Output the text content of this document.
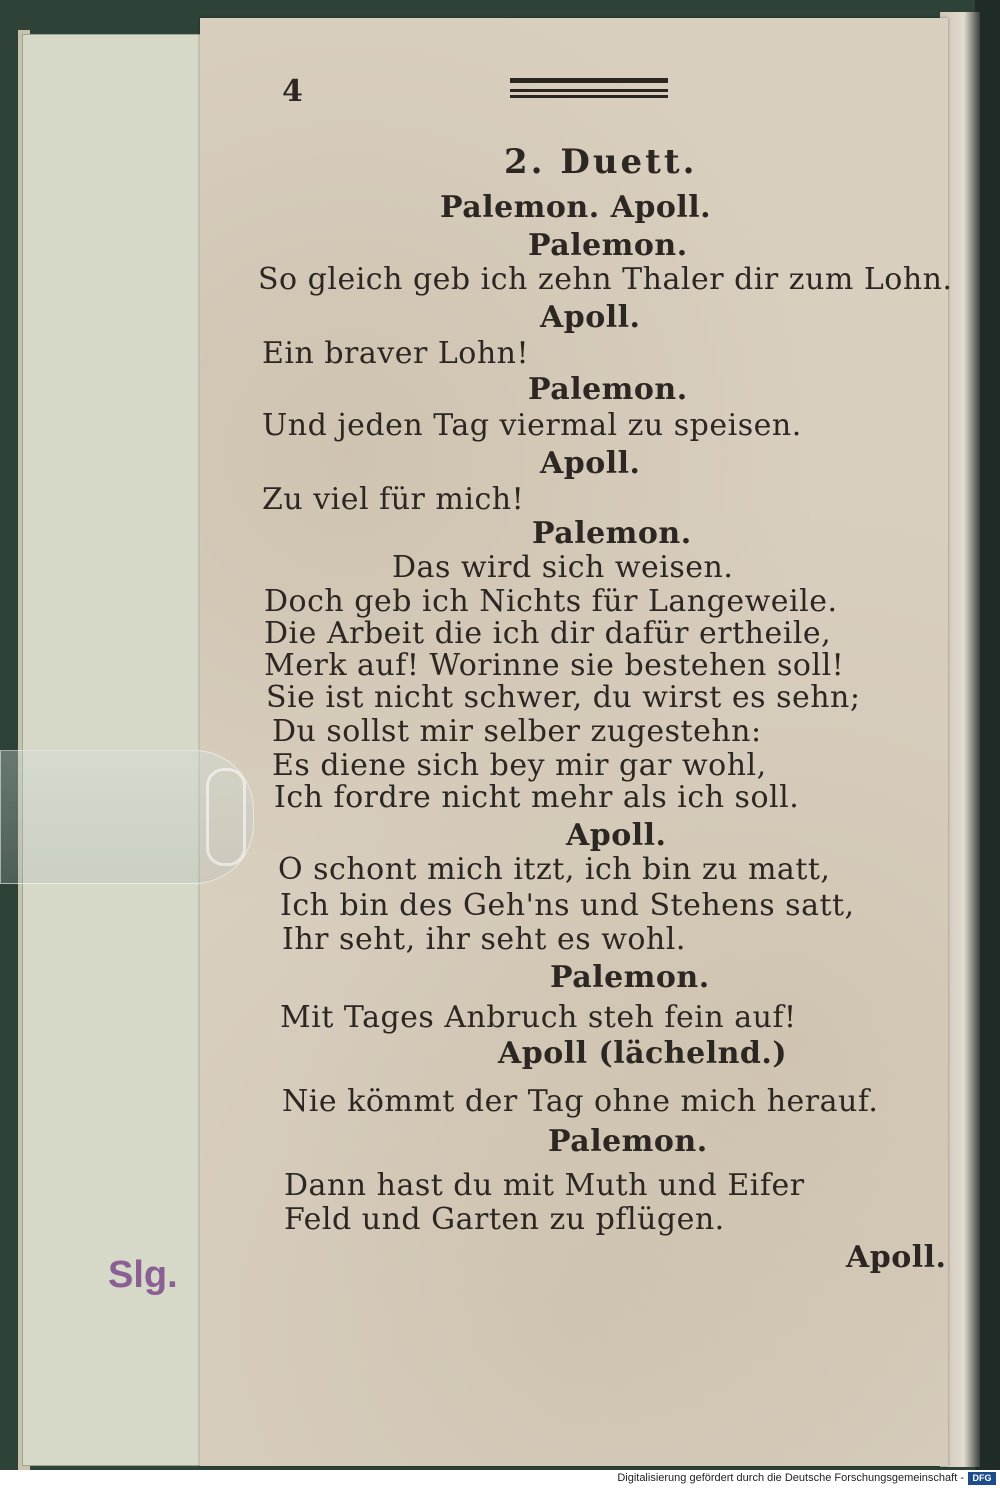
4
2. Duett.
Palemon. Apoll.
Palemon.
So gleich geb ich zehn Thaler dir zum Lohn.
Apoll.
Ein braver Lohn!
Palemon.
Und jeden Tag viermal zu speisen.
Apoll.
Zu viel für mich!
Palemon.
Das wird sich weisen.
Doch geb ich Nichts für Langeweile.
Die Arbeit die ich dir dafür ertheile,
Merk auf! Worinne sie bestehen soll!
Sie ist nicht schwer, du wirst es sehn;
Du sollst mir selber zugestehn:
Es diene sich bey mir gar wohl,
Ich fordre nicht mehr als ich soll.
Apoll.
O schont mich itzt, ich bin zu matt,
Ich bin des Geh'ns und Stehens satt,
Ihr seht, ihr seht es wohl.
Palemon.
Mit Tages Anbruch steh fein auf!
Apoll (lächelnd.)
Nie kömmt der Tag ohne mich herauf.
Palemon.
Dann hast du mit Muth und Eifer
Feld und Garten zu pflügen.
Apoll.
Slg.
Digitalisierung gefördert durch die Deutsche Forschungsgemeinschaft - DFG
